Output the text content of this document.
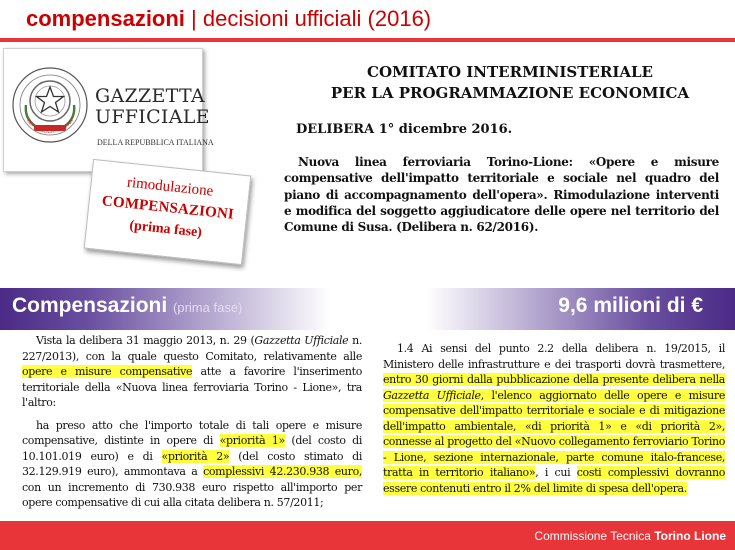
compensazioni | decisioni ufficiali (2016)
REPUBBLICA ITALIANA
GAZZETTA
UFFICIALE
DELLA REPUBBLICA ITALIANA
COMITATO INTERMINISTERIALE
PER LA PROGRAMMAZIONE ECONOMICA
DELIBERA 1° dicembre 2016.
Nuova linea ferroviaria Torino-Lione: «Opere e misure compensative dell'impatto territoriale e sociale nel quadro del piano di accompagnamento dell'opera». Rimodulazione interventi e modifica del soggetto aggiudicatore delle opere nel territorio del Comune di Susa. (Delibera n. 62/2016).
rimodulazione
COMPENSAZIONI
(prima fase)
Compensazioni (prima fase)	9,6 milioni di €

Vista la delibera 31 maggio 2013, n. 29 (Gazzetta Ufficiale n. 227/2013), con la quale questo Comitato, relativamente alle opere e misure compensative atte a favorire l'inserimento territoriale della «Nuova linea ferroviaria Torino - Lione», tra l'altro:

ha preso atto che l'importo totale di tali opere e misure compensative, distinte in opere di «priorità 1» (del costo di 10.101.019 euro) e di «priorità 2» (del costo stimato di 32.129.919 euro), ammontava a complessivi 42.230.938 euro, con un incremento di 730.938 euro rispetto all'importo per opere compensative di cui alla citata delibera n. 57/2011;

1.4 Ai sensi del punto 2.2 della delibera n. 19/2015, il Ministero delle infrastrutture e dei trasporti dovrà trasmettere, entro 30 giorni dalla pubblicazione della presente delibera nella Gazzetta Ufficiale, l'elenco aggiornato delle opere e misure compensative dell'impatto territoriale e sociale e di mitigazione dell'impatto ambientale, «di priorità 1» e «di priorità 2», connesse al progetto del «Nuovo collegamento ferroviario Torino - Lione, sezione internazionale, parte comune italo-francese, tratta in territorio italiano», i cui costi complessivi dovranno essere contenuti entro il 2% del limite di spesa dell'opera.

Commissione Tecnica Torino Lione
